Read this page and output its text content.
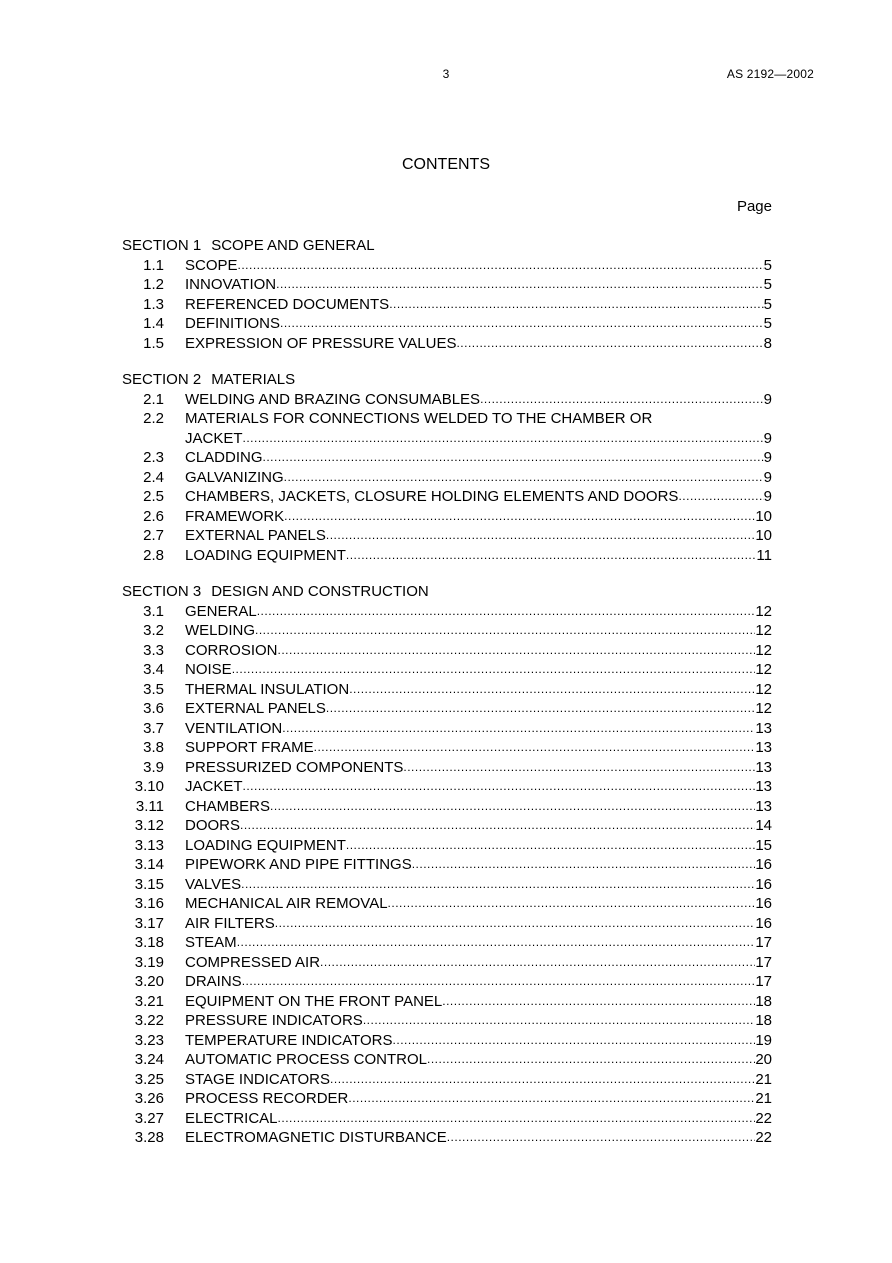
3	AS 2192—2002
CONTENTS
Page
SECTION 1 SCOPE AND GENERAL
1.1 SCOPE .....	5
1.2 INNOVATION .....	5
1.3 REFERENCED DOCUMENTS .....	5
1.4 DEFINITIONS .....	5
1.5 EXPRESSION OF PRESSURE VALUES .....	8
SECTION 2 MATERIALS
2.1 WELDING AND BRAZING CONSUMABLES .....	9
2.2 MATERIALS FOR CONNECTIONS WELDED TO THE CHAMBER OR
JACKET .....	9
2.3 CLADDING .....	9
2.4 GALVANIZING .....	9
2.5 CHAMBERS, JACKETS, CLOSURE HOLDING ELEMENTS AND DOORS .....	9
2.6 FRAMEWORK .....	10
2.7 EXTERNAL PANELS .....	10
2.8 LOADING EQUIPMENT .....	11
SECTION 3 DESIGN AND CONSTRUCTION
3.1 GENERAL .....	12
3.2 WELDING .....	12
3.3 CORROSION .....	12
3.4 NOISE .....	12
3.5 THERMAL INSULATION .....	12
3.6 EXTERNAL PANELS .....	12
3.7 VENTILATION .....	13
3.8 SUPPORT FRAME .....	13
3.9 PRESSURIZED COMPONENTS .....	13
3.10 JACKET .....	13
3.11 CHAMBERS .....	13
3.12 DOORS .....	14
3.13 LOADING EQUIPMENT .....	15
3.14 PIPEWORK AND PIPE FITTINGS .....	16
3.15 VALVES .....	16
3.16 MECHANICAL AIR REMOVAL .....	16
3.17 AIR FILTERS .....	16
3.18 STEAM .....	17
3.19 COMPRESSED AIR .....	17
3.20 DRAINS .....	17
3.21 EQUIPMENT ON THE FRONT PANEL .....	18
3.22 PRESSURE INDICATORS .....	18
3.23 TEMPERATURE INDICATORS .....	19
3.24 AUTOMATIC PROCESS CONTROL .....	20
3.25 STAGE INDICATORS .....	21
3.26 PROCESS RECORDER .....	21
3.27 ELECTRICAL .....	22
3.28 ELECTROMAGNETIC DISTURBANCE .....	22
